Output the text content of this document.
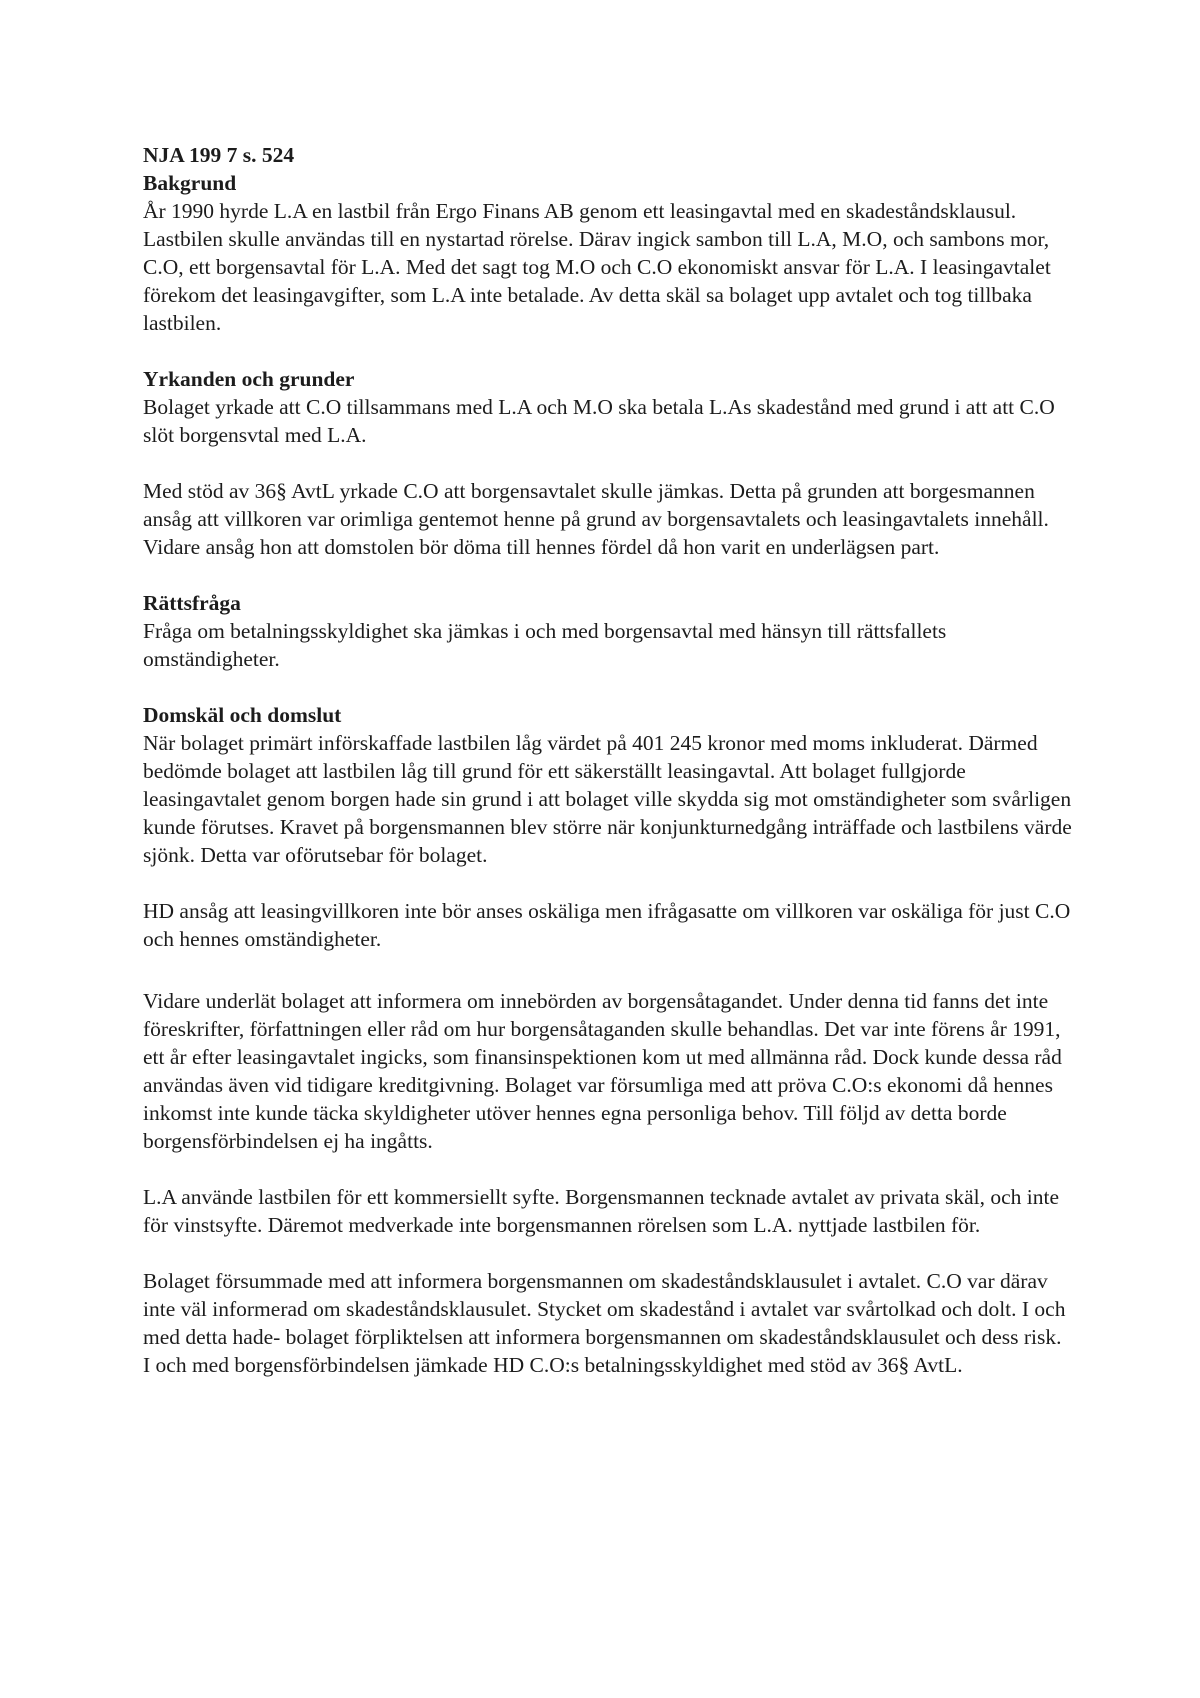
NJA 199 7 s. 524

Bakgrund

År 1990 hyrde L.A en lastbil från Ergo Finans AB genom ett leasingavtal med en skadeståndsklausul. Lastbilen skulle användas till en nystartad rörelse. Därav ingick sambon till L.A, M.O, och sambons mor, C.O, ett borgensavtal för L.A. Med det sagt tog M.O och C.O ekonomiskt ansvar för L.A. I leasingavtalet förekom det leasingavgifter, som L.A inte betalade. Av detta skäl sa bolaget upp avtalet och tog tillbaka lastbilen.

Yrkanden och grunder

Bolaget yrkade att C.O tillsammans med L.A och M.O ska betala L.As skadestånd med grund i att att C.O slöt borgensvtal med L.A.

Med stöd av 36§ AvtL yrkade C.O att borgensavtalet skulle jämkas. Detta på grunden att borgesmannen ansåg att villkoren var orimliga gentemot henne på grund av borgensavtalets och leasingavtalets innehåll. Vidare ansåg hon att domstolen bör döma till hennes fördel då hon varit en underlägsen part.

Rättsfråga

Fråga om betalningsskyldighet ska jämkas i och med borgensavtal med hänsyn till rättsfallets omständigheter.

Domskäl och domslut

När bolaget primärt införskaffade lastbilen låg värdet på 401 245 kronor med moms inkluderat. Därmed bedömde bolaget att lastbilen låg till grund för ett säkerställt leasingavtal. Att bolaget fullgjorde leasingavtalet genom borgen hade sin grund i att bolaget ville skydda sig mot omständigheter som svårligen kunde förutses. Kravet på borgensmannen blev större när konjunkturnedgång inträffade och lastbilens värde sjönk. Detta var oförutsebar för bolaget.

HD ansåg att leasingvillkoren inte bör anses oskäliga men ifrågasatte om villkoren var oskäliga för just C.O och hennes omständigheter.

Vidare underlät bolaget att informera om innebörden av borgensåtagandet. Under denna tid fanns det inte föreskrifter, författningen eller råd om hur borgensåtaganden skulle behandlas. Det var inte förens år 1991, ett år efter leasingavtalet ingicks, som finansinspektionen kom ut med allmänna råd. Dock kunde dessa råd användas även vid tidigare kreditgivning. Bolaget var försumliga med att pröva C.O:s ekonomi då hennes inkomst inte kunde täcka skyldigheter utöver hennes egna personliga behov. Till följd av detta borde borgensförbindelsen ej ha ingåtts.

L.A använde lastbilen för ett kommersiellt syfte. Borgensmannen tecknade avtalet av privata skäl, och inte för vinstsyfte. Däremot medverkade inte borgensmannen rörelsen som L.A. nyttjade lastbilen för.

Bolaget försummade med att informera borgensmannen om skadeståndsklausulet i avtalet. C.O var därav inte väl informerad om skadeståndsklausulet. Stycket om skadestånd i avtalet var svårtolkad och dolt. I och med detta hade- bolaget förpliktelsen att informera borgensmannen om skadeståndsklausulet och dess risk.

I och med borgensförbindelsen jämkade HD C.O:s betalningsskyldighet med stöd av 36§ AvtL.
